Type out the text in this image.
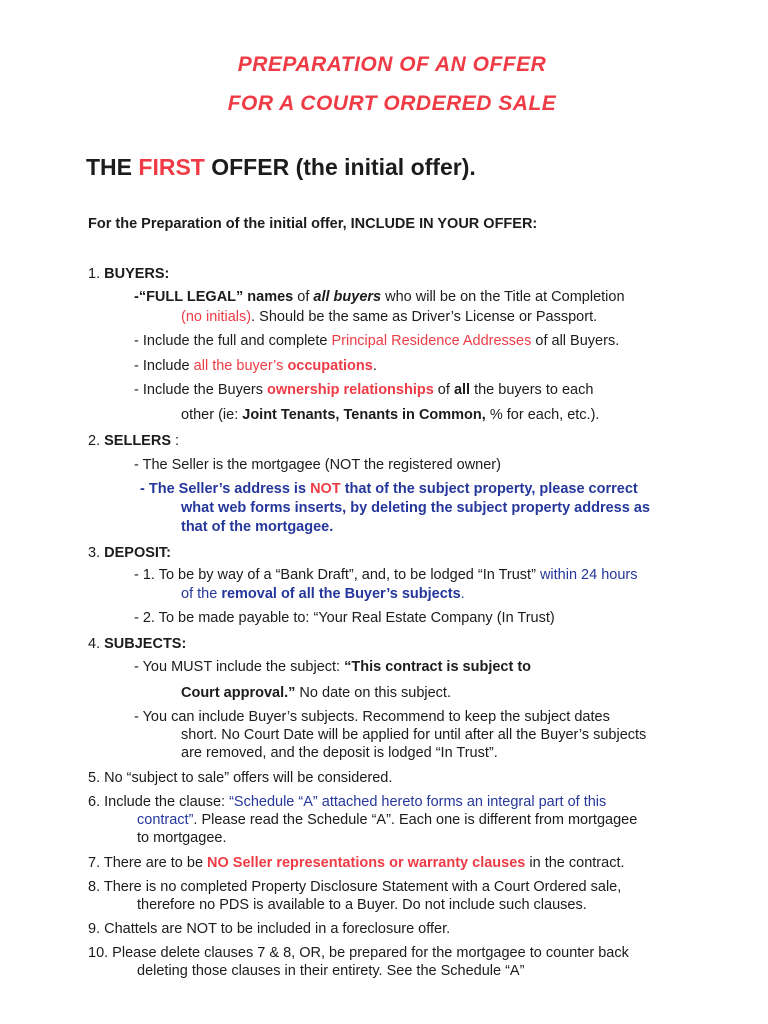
PREPARATION OF AN OFFER
FOR A COURT ORDERED SALE
THE FIRST OFFER (the initial offer).
For the Preparation of the initial offer, INCLUDE IN YOUR OFFER:
1. BUYERS:
-“FULL LEGAL” names of all buyers who will be on the Title at Completion
(no initials). Should be the same as Driver’s License or Passport.
- Include the full and complete Principal Residence Addresses of all Buyers.
- Include all the buyer’s occupations.
- Include the Buyers ownership relationships of all the buyers to each
other (ie: Joint Tenants, Tenants in Common, % for each, etc.).
2. SELLERS :
- The Seller is the mortgagee (NOT the registered owner)
- The Seller’s address is NOT that of the subject property, please correct
what web forms inserts, by deleting the subject property address as
that of the mortgagee.
3. DEPOSIT:
- 1. To be by way of a “Bank Draft”, and, to be lodged “In Trust” within 24 hours
of the removal of all the Buyer’s subjects.
- 2. To be made payable to: “Your Real Estate Company (In Trust)
4. SUBJECTS:
- You MUST include the subject: “This contract is subject to
Court approval.” No date on this subject.
- You can include Buyer’s subjects. Recommend to keep the subject dates
short. No Court Date will be applied for until after all the Buyer’s subjects
are removed, and the deposit is lodged “In Trust”.
5. No “subject to sale” offers will be considered.
6. Include the clause: “Schedule “A” attached hereto forms an integral part of this
contract”. Please read the Schedule “A”. Each one is different from mortgagee
to mortgagee.
7. There are to be NO Seller representations or warranty clauses in the contract.
8. There is no completed Property Disclosure Statement with a Court Ordered sale,
therefore no PDS is available to a Buyer. Do not include such clauses.
9. Chattels are NOT to be included in a foreclosure offer.
10. Please delete clauses 7 & 8, OR, be prepared for the mortgagee to counter back
deleting those clauses in their entirety. See the Schedule “A”
